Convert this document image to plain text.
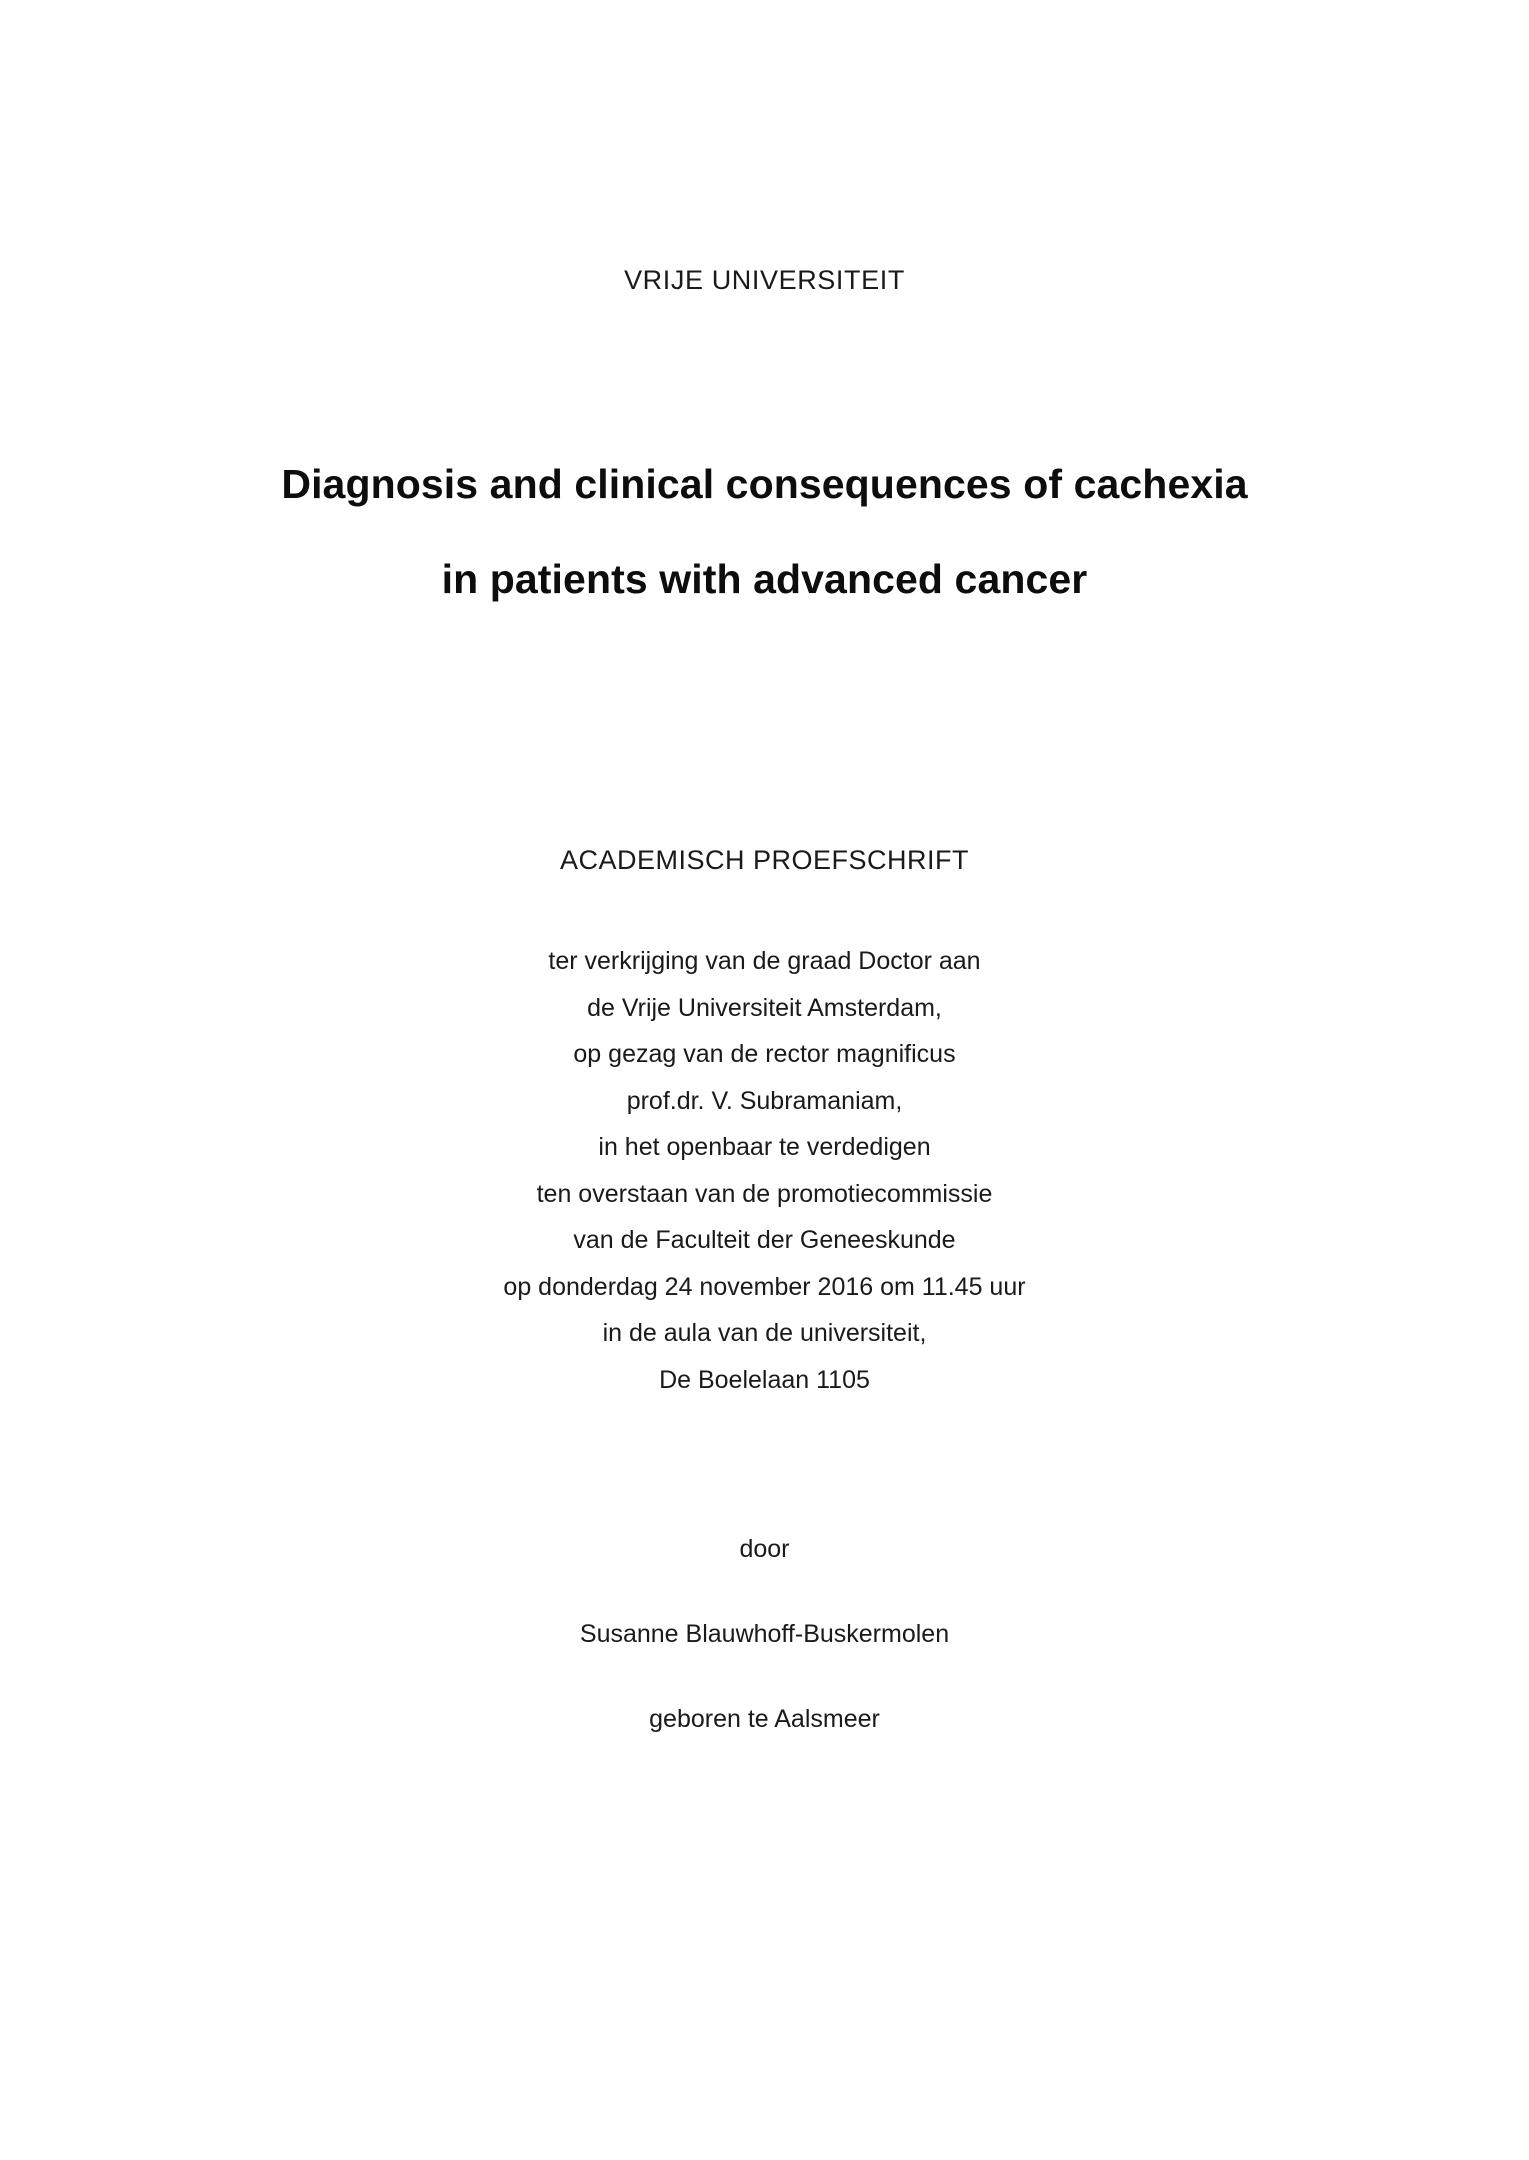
VRIJE UNIVERSITEIT
Diagnosis and clinical consequences of cachexia
in patients with advanced cancer
ACADEMISCH PROEFSCHRIFT
ter verkrijging van de graad Doctor aan
de Vrije Universiteit Amsterdam,
op gezag van de rector magnificus
prof.dr. V. Subramaniam,
in het openbaar te verdedigen
ten overstaan van de promotiecommissie
van de Faculteit der Geneeskunde
op donderdag 24 november 2016 om 11.45 uur
in de aula van de universiteit,
De Boelelaan 1105
door
Susanne Blauwhoff-Buskermolen
geboren te Aalsmeer
